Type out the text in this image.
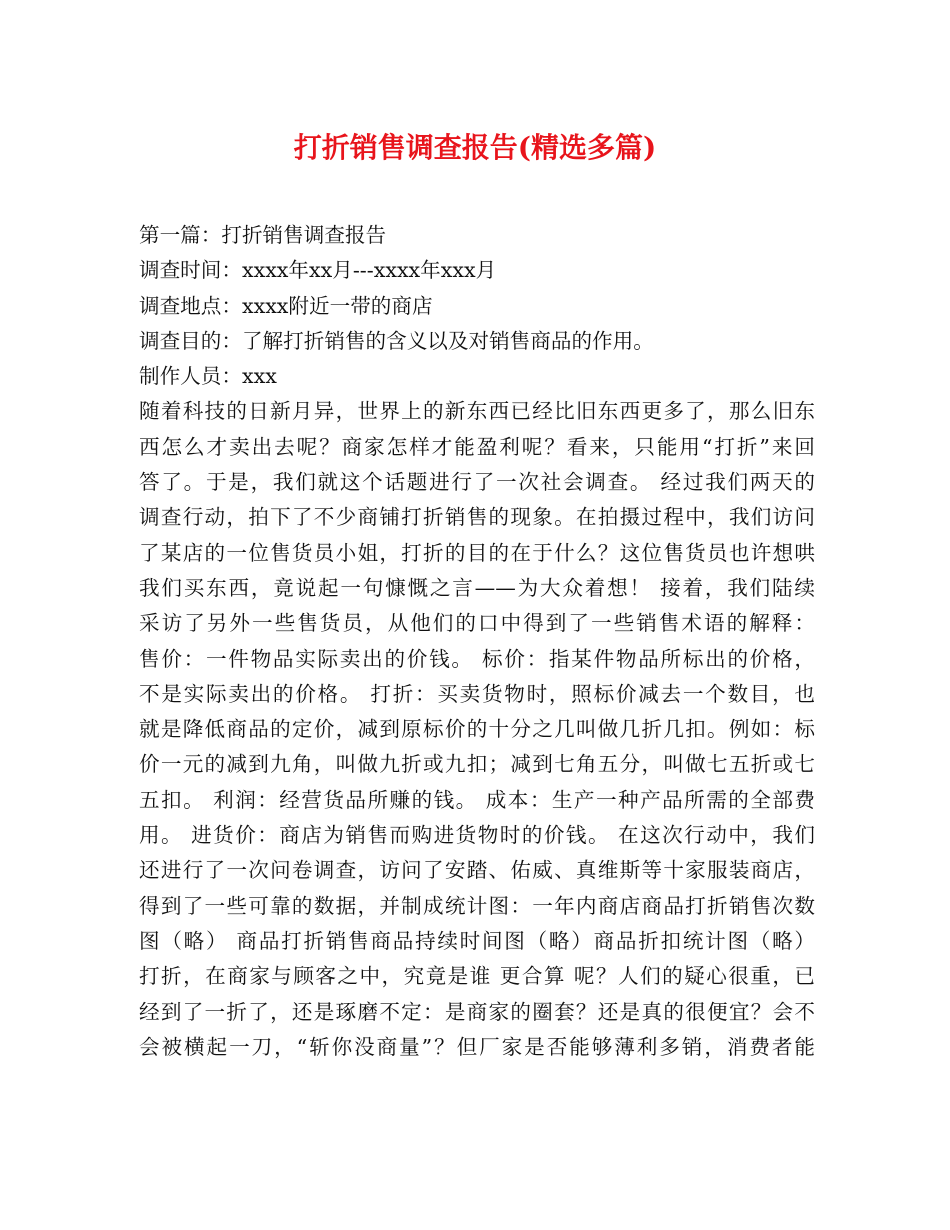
打折销售调查报告(精选多篇)
第一篇：打折销售调查报告
调查时间：xxxx年xx月---xxxx年xxx月
调查地点：xxxx附近一带的商店
调查目的：了解打折销售的含义以及对销售商品的作用。
制作人员：xxx
随着科技的日新月异，世界上的新东西已经比旧东西更多了，那么旧东
西怎么才卖出去呢？商家怎样才能盈利呢？看来，只能用“打折”来回
答了。于是，我们就这个话题进行了一次社会调查。 经过我们两天的
调查行动，拍下了不少商铺打折销售的现象。在拍摄过程中，我们访问
了某店的一位售货员小姐，打折的目的在于什么？这位售货员也许想哄
我们买东西，竟说起一句慷慨之言——为大众着想！ 接着，我们陆续
采访了另外一些售货员，从他们的口中得到了一些销售术语的解释：
售价：一件物品实际卖出的价钱。 标价：指某件物品所标出的价格，
不是实际卖出的价格。 打折：买卖货物时，照标价减去一个数目，也
就是降低商品的定价，减到原标价的十分之几叫做几折几扣。例如：标
价一元的减到九角，叫做九折或九扣；减到七角五分，叫做七五折或七
五扣。 利润：经营货品所赚的钱。 成本：生产一种产品所需的全部费
用。 进货价：商店为销售而购进货物时的价钱。 在这次行动中，我们
还进行了一次问卷调查，访问了安踏、佑威、真维斯等十家服装商店，
得到了一些可靠的数据，并制成统计图：一年内商店商品打折销售次数
图（略） 商品打折销售商品持续时间图（略）商品折扣统计图（略）
打折，在商家与顾客之中，究竟是谁 更合算 呢？人们的疑心很重，已
经到了一折了，还是琢磨不定：是商家的圈套？还是真的很便宜？会不
会被横起一刀，“斩你没商量”？但厂家是否能够薄利多销，消费者能
